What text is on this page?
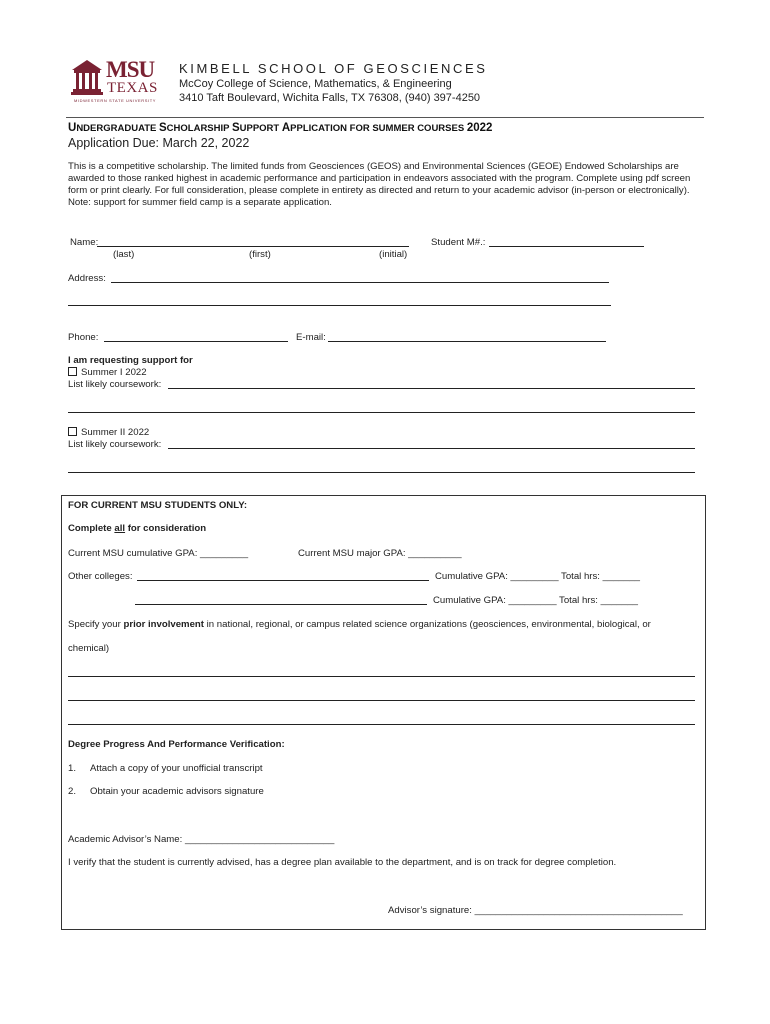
MSU
TEXAS
MIDWESTERN STATE UNIVERSITY
KIMBELL SCHOOL OF GEOSCIENCES
McCoy College of Science, Mathematics, & Engineering
3410 Taft Boulevard, Wichita Falls, TX 76308, (940) 397-4250
UNDERGRADUATE SCHOLARSHIP SUPPORT APPLICATION FOR SUMMER COURSES 2022
Application Due: March 22, 2022
This is a competitive scholarship. The limited funds from Geosciences (GEOS) and Environmental Sciences (GEOE) Endowed Scholarships are awarded to those ranked highest in academic performance and participation in endeavors associated with the program. Complete using pdf screen form or print clearly. For full consideration, please complete in entirety as directed and return to your academic advisor (in-person or electronically). Note: support for summer field camp is a separate application.
Name:
(last)	(first)	(initial)
Student M#.:
Address:
Phone:	E-mail:
I am requesting support for
Summer I 2022
List likely coursework:
Summer II 2022
List likely coursework:
FOR CURRENT MSU STUDENTS ONLY:
Complete all for consideration
Current MSU cumulative GPA: _________	Current MSU major GPA: __________
Other colleges:	Cumulative GPA: _________ Total hrs: _______
Cumulative GPA: _________ Total hrs: _______
Specify your prior involvement in national, regional, or campus related science organizations (geosciences, environmental, biological, or
chemical)
Degree Progress And Performance Verification:
1. Attach a copy of your unofficial transcript
2. Obtain your academic advisors signature
Academic Advisor’s Name: ____________________________
I verify that the student is currently advised, has a degree plan available to the department, and is on track for degree completion.
Advisor’s signature: _______________________________________
